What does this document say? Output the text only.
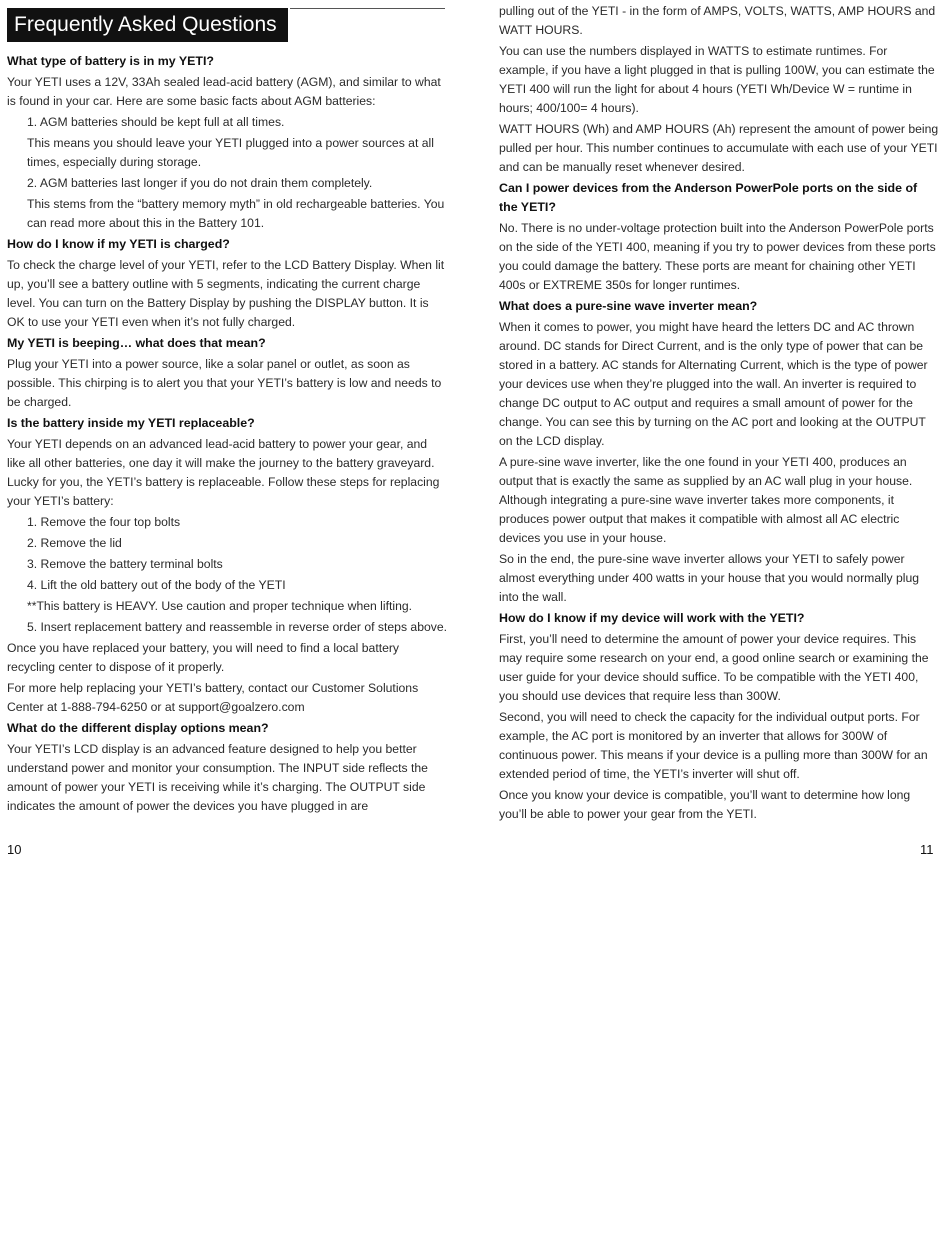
Frequently Asked Questions
What type of battery is in my YETI?
Your YETI uses a 12V, 33Ah sealed lead-acid battery (AGM), and similar to what is found in your car. Here are some basic facts about AGM batteries:
1. AGM batteries should be kept full at all times.
This means you should leave your YETI plugged into a power sources at all times, especially during storage.
2. AGM batteries last longer if you do not drain them completely.
This stems from the “battery memory myth” in old rechargeable batteries. You can read more about this in the Battery 101.
How do I know if my YETI is charged?
To check the charge level of your YETI, refer to the LCD Battery Display. When lit up, you’ll see a battery outline with 5 segments, indicating the current charge level. You can turn on the Battery Display by pushing the DISPLAY button. It is OK to use your YETI even when it’s not fully charged.
My YETI is beeping… what does that mean?
Plug your YETI into a power source, like a solar panel or outlet, as soon as possible. This chirping is to alert you that your YETI’s battery is low and needs to be charged.
Is the battery inside my YETI replaceable?
Your YETI depends on an advanced lead-acid battery to power your gear, and like all other batteries, one day it will make the journey to the battery graveyard. Lucky for you, the YETI’s battery is replaceable. Follow these steps for replacing your YETI’s battery:
1. Remove the four top bolts
2. Remove the lid
3. Remove the battery terminal bolts
4. Lift the old battery out of the body of the YETI
**This battery is HEAVY. Use caution and proper technique when lifting.
5. Insert replacement battery and reassemble in reverse order of steps above.
Once you have replaced your battery, you will need to find a local battery recycling center to dispose of it properly.
For more help replacing your YETI’s battery, contact our Customer Solutions Center at 1-888-794-6250 or at support@goalzero.com
What do the different display options mean?
Your YETI’s LCD display is an advanced feature designed to help you better understand power and monitor your consumption. The INPUT side reflects the amount of power your YETI is receiving while it’s charging. The OUTPUT side indicates the amount of power the devices you have plugged in are
pulling out of the YETI - in the form of AMPS, VOLTS, WATTS, AMP HOURS and WATT HOURS.
You can use the numbers displayed in WATTS to estimate runtimes. For example, if you have a light plugged in that is pulling 100W, you can estimate the YETI 400 will run the light for about 4 hours (YETI Wh/Device W = runtime in hours; 400/100= 4 hours).
WATT HOURS (Wh) and AMP HOURS (Ah) represent the amount of power being pulled per hour. This number continues to accumulate with each use of your YETI and can be manually reset whenever desired.
Can I power devices from the Anderson PowerPole ports on the side of the YETI?
No. There is no under-voltage protection built into the Anderson PowerPole ports on the side of the YETI 400, meaning if you try to power devices from these ports you could damage the battery. These ports are meant for chaining other YETI 400s or EXTREME 350s for longer runtimes.
What does a pure-sine wave inverter mean?
When it comes to power, you might have heard the letters DC and AC thrown around. DC stands for Direct Current, and is the only type of power that can be stored in a battery. AC stands for Alternating Current, which is the type of power your devices use when they’re plugged into the wall. An inverter is required to change DC output to AC output and requires a small amount of power for the change. You can see this by turning on the AC port and looking at the OUTPUT on the LCD display.
A pure-sine wave inverter, like the one found in your YETI 400, produces an output that is exactly the same as supplied by an AC wall plug in your house. Although integrating a pure-sine wave inverter takes more components, it produces power output that makes it compatible with almost all AC electric devices you use in your house.
So in the end, the pure-sine wave inverter allows your YETI to safely power almost everything under 400 watts in your house that you would normally plug into the wall.
How do I know if my device will work with the YETI?
First, you’ll need to determine the amount of power your device requires. This may require some research on your end, a good online search or examining the user guide for your device should suffice. To be compatible with the YETI 400, you should use devices that require less than 300W.
Second, you will need to check the capacity for the individual output ports. For example, the AC port is monitored by an inverter that allows for 300W of continuous power. This means if your device is a pulling more than 300W for an extended period of time, the YETI’s inverter will shut off.
Once you know your device is compatible, you’ll want to determine how long you’ll be able to power your gear from the YETI.
10	11
